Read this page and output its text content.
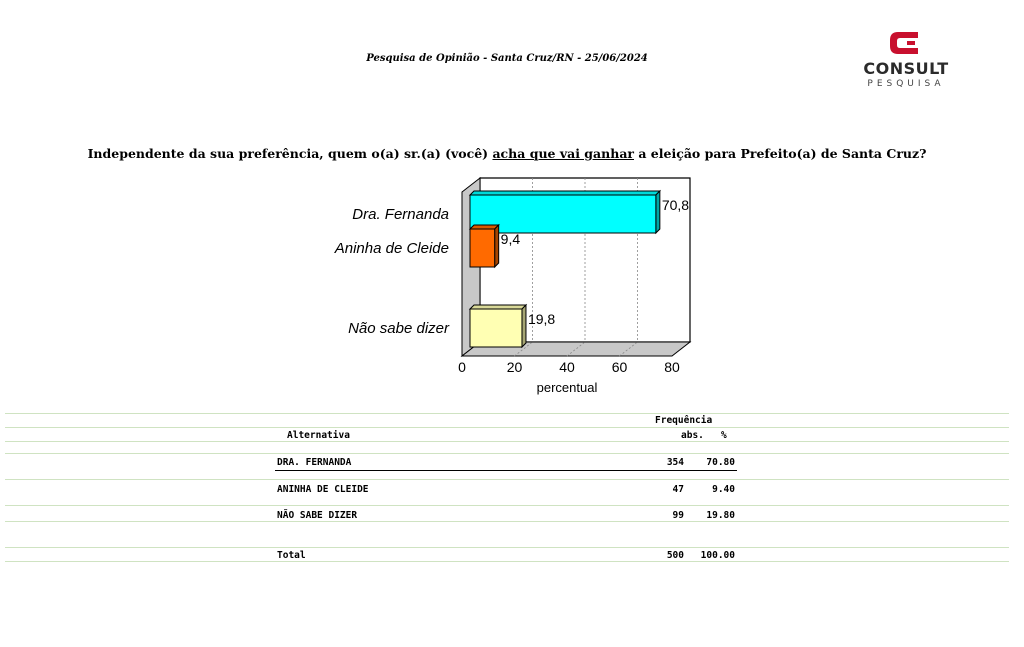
Pesquisa de Opinião - Santa Cruz/RN - 25/06/2024
CONSULT
PESQUISA
Independente da sua preferência, quem o(a) sr.(a) (você) acha que vai ganhar a eleição para Prefeito(a) de Santa Cruz?
0	20	40	60	80
percentual
70,8
Dra. Fernanda
9,4
Aninha de Cleide
19,8
Não sabe dizer
Frequência
Alternativa	abs. %
DRA. FERNANDA	354	70.80
ANINHA DE CLEIDE	47	9.40
NÃO SABE DIZER	99	19.80
Total	500	100.00
